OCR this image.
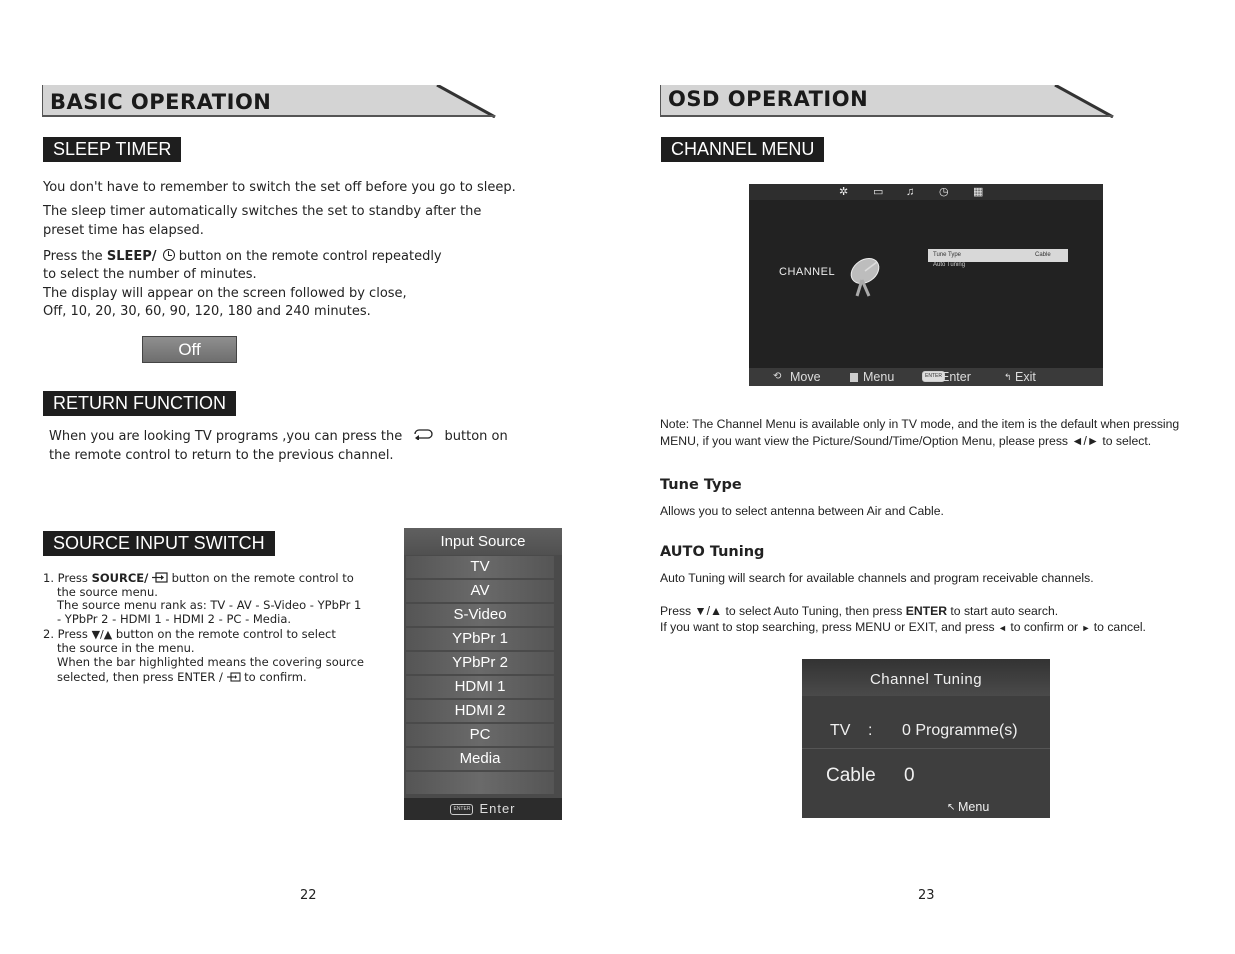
BASIC OPERATION
SLEEP TIMER
You don't have to remember to switch the set off before you go to sleep.
The sleep timer automatically switches the set to standby after the
preset time has elapsed.
Press the SLEEP/ button on the remote control repeatedly
to select the number of minutes.
The display will appear on the screen followed by close,
Off, 10, 20, 30, 60, 90, 120, 180 and 240 minutes.
Off
RETURN FUNCTION
When you are looking TV programs ,you can press the	button on
the remote control to return to the previous channel.
SOURCE INPUT SWITCH
1. Press SOURCE/ button on the remote control to
the source menu.
The source menu rank as: TV - AV - S-Video - YPbPr 1
- YPbPr 2 - HDMI 1 - HDMI 2 - PC - Media.
2. Press ▼/▲ button on the remote control to select
the source in the menu.
When the bar highlighted means the covering source
selected, then press ENTER / to confirm.
Input Source
TV
AV
S-Video
YPbPr 1
YPbPr 2
HDMI 1
HDMI 2
PC
Media
ENTER Enter
22
OSD OPERATION
CHANNEL MENU
✲ ▭ ♫ ◷ ▦
CHANNEL
Tune Type	Cable
Auto Tuning
⟲ Move	Menu	ENTER Enter	↰ Exit
Note: The Channel Menu is available only in TV mode, and the item is the default when pressing
MENU, if you want view the Picture/Sound/Time/Option Menu, please press ◄/► to select.
Tune Type
Allows you to select antenna between Air and Cable.
AUTO Tuning
Auto Tuning will search for available channels and program receivable channels.
Press ▼/▲ to select Auto Tuning, then press ENTER to start auto search.
If you want to stop searching, press MENU or EXIT, and press ◄ to confirm or ► to cancel.
Channel Tuning
TV : 0 Programme(s)
Cable 0
↖ Menu
23
